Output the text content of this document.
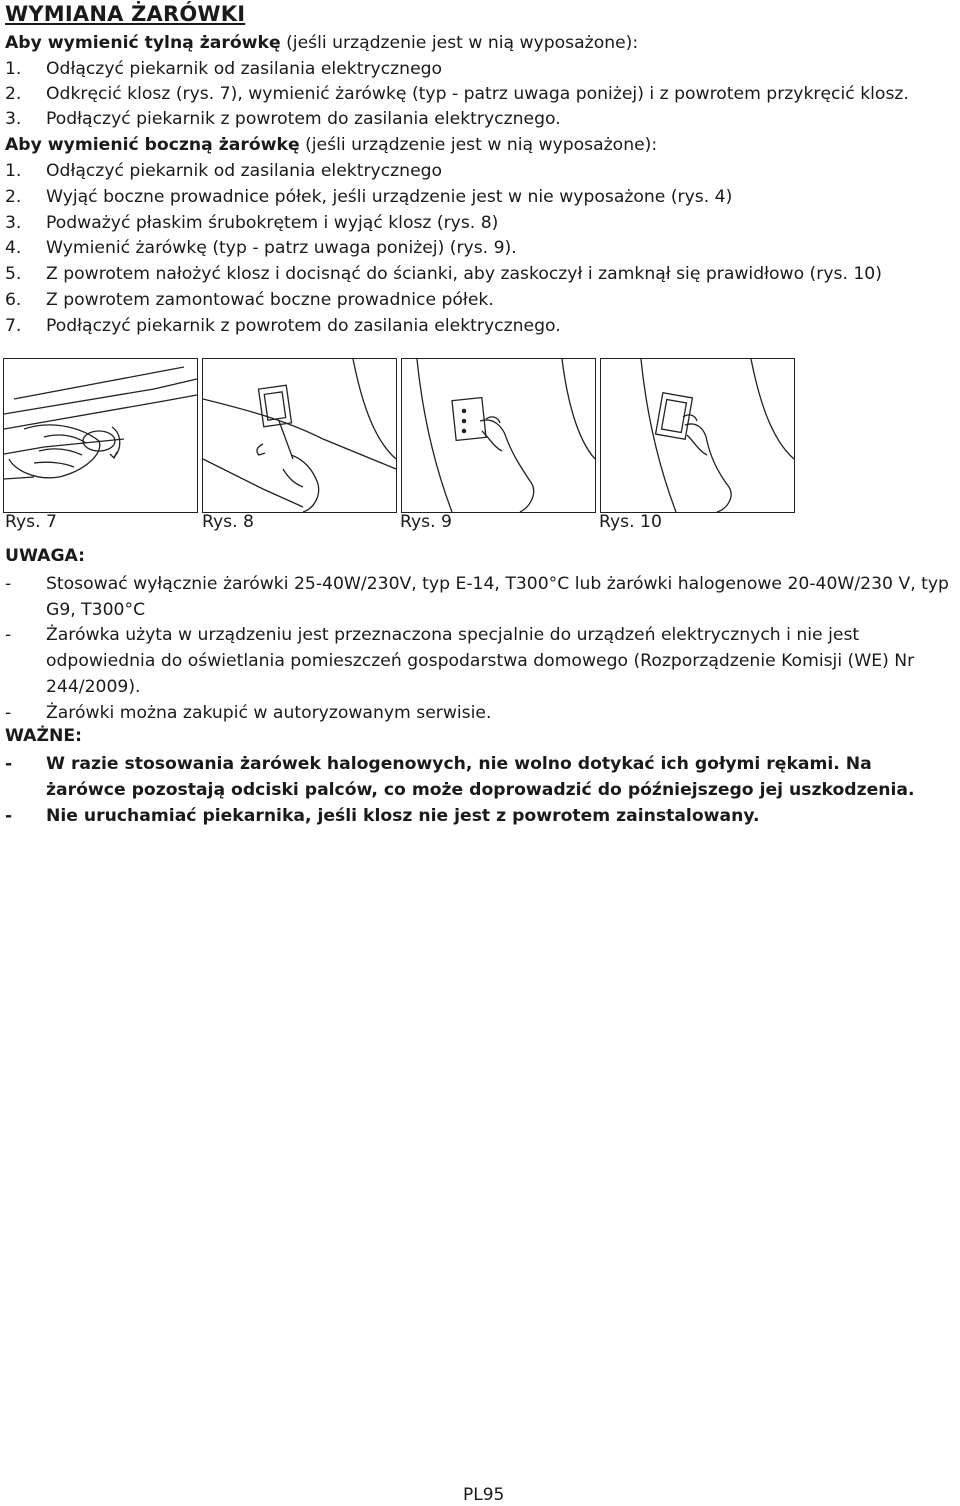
WYMIANA ŻARÓWKI
Aby wymienić tylną żarówkę (jeśli urządzenie jest w nią wyposażone):
1. Odłączyć piekarnik od zasilania elektrycznego
2. Odkręcić klosz (rys. 7), wymienić żarówkę (typ - patrz uwaga poniżej) i z powrotem przykręcić klosz.
3. Podłączyć piekarnik z powrotem do zasilania elektrycznego.
Aby wymienić boczną żarówkę (jeśli urządzenie jest w nią wyposażone):
1. Odłączyć piekarnik od zasilania elektrycznego
2. Wyjąć boczne prowadnice półek, jeśli urządzenie jest w nie wyposażone (rys. 4)
3. Podważyć płaskim śrubokrętem i wyjąć klosz (rys. 8)
4. Wymienić żarówkę (typ - patrz uwaga poniżej) (rys. 9).
5. Z powrotem nałożyć klosz i docisnąć do ścianki, aby zaskoczył i zamknął się prawidłowo (rys. 10)
6. Z powrotem zamontować boczne prowadnice półek.
7. Podłączyć piekarnik z powrotem do zasilania elektrycznego.
Rys. 7	Rys. 8	Rys. 9	Rys. 10
UWAGA:
- Stosować wyłącznie żarówki 25-40W/230V, typ E-14, T300°C lub żarówki halogenowe 20-40W/230 V, typ G9, T300°C
- Żarówka użyta w urządzeniu jest przeznaczona specjalnie do urządzeń elektrycznych i nie jest odpowiednia do oświetlania pomieszczeń gospodarstwa domowego (Rozporządzenie Komisji (WE) Nr 244/2009).
- Żarówki można zakupić w autoryzowanym serwisie.
WAŻNE:
- W razie stosowania żarówek halogenowych, nie wolno dotykać ich gołymi rękami. Na żarówce pozostają odciski palców, co może doprowadzić do późniejszego jej uszkodzenia.
- Nie uruchamiać piekarnika, jeśli klosz nie jest z powrotem zainstalowany.
PL95
